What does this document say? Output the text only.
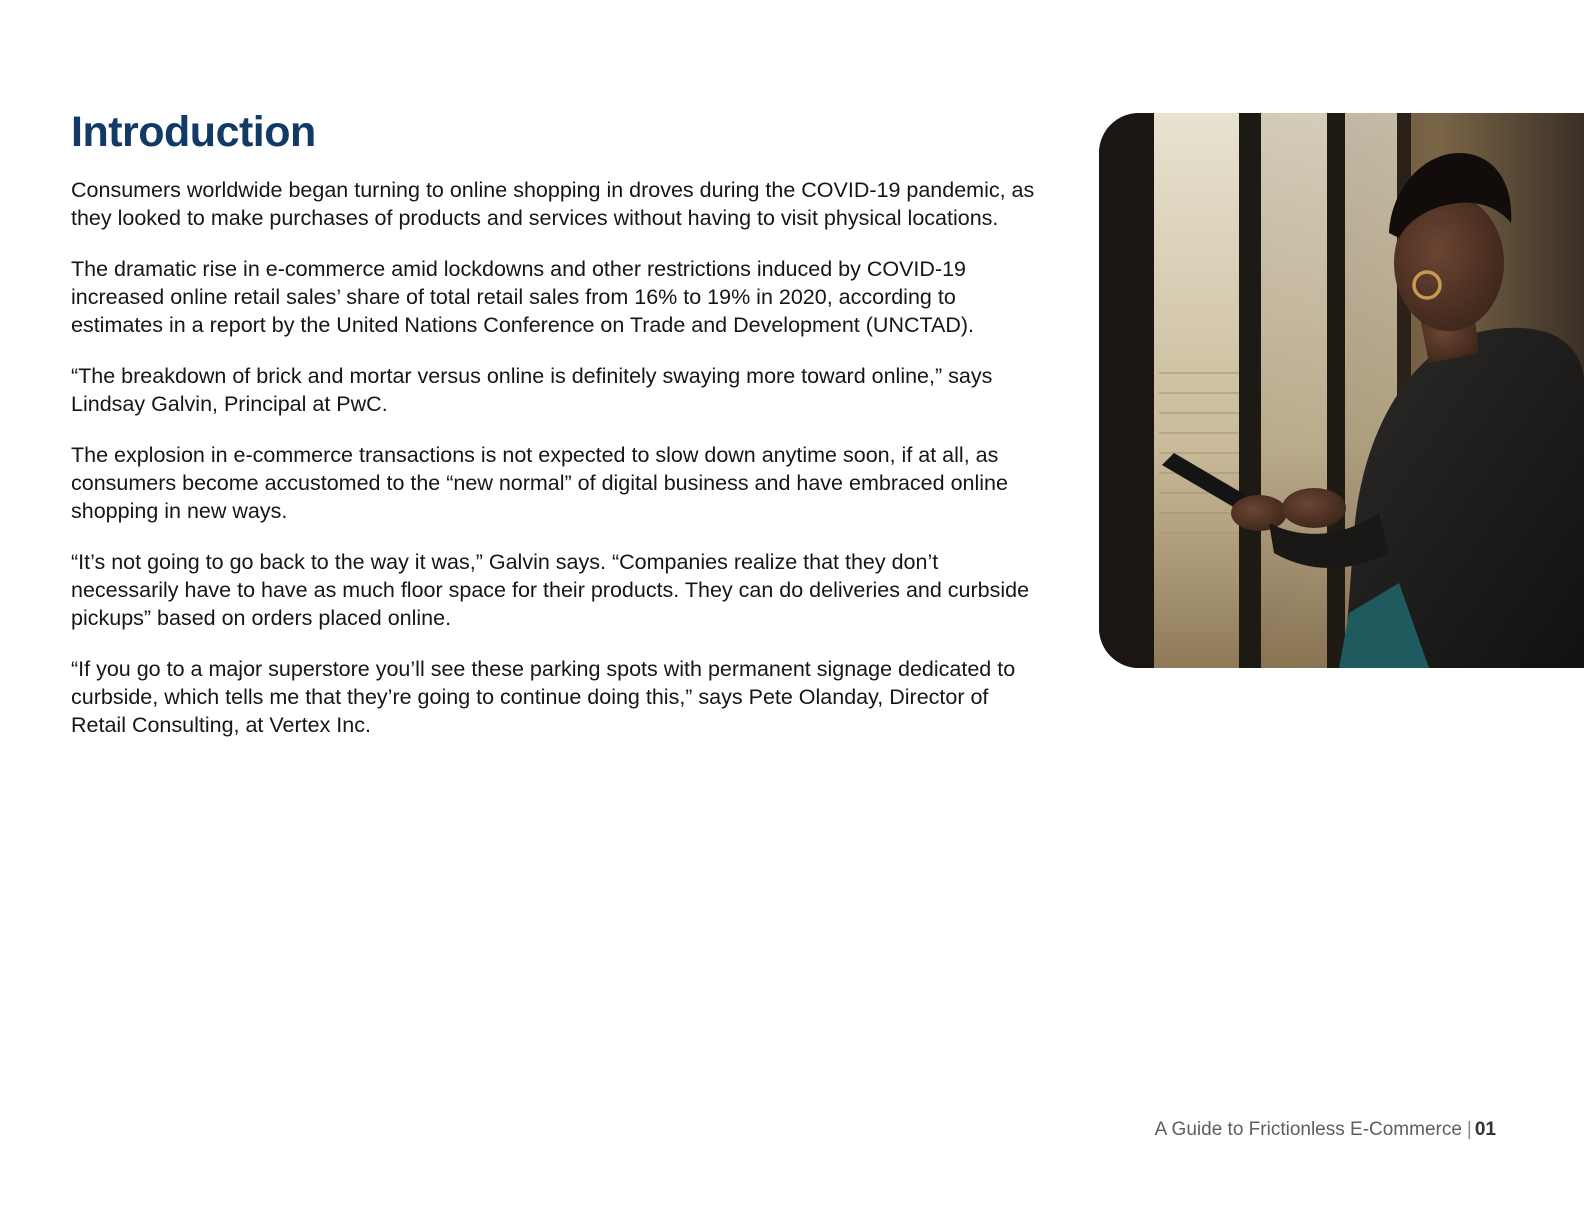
Introduction

Consumers worldwide began turning to online shopping in droves during the COVID-19 pandemic, as they looked to make purchases of products and services without having to visit physical locations.

The dramatic rise in e-commerce amid lockdowns and other restrictions induced by COVID-19 increased online retail sales’ share of total retail sales from 16% to 19% in 2020, according to estimates in a report by the United Nations Conference on Trade and Development (UNCTAD).

“The breakdown of brick and mortar versus online is definitely swaying more toward online,” says Lindsay Galvin, Principal at PwC.

The explosion in e-commerce transactions is not expected to slow down anytime soon, if at all, as consumers become accustomed to the “new normal” of digital business and have embraced online shopping in new ways.

“It’s not going to go back to the way it was,” Galvin says. “Companies realize that they don’t necessarily have to have as much floor space for their products. They can do deliveries and curbside pickups” based on orders placed online.

“If you go to a major superstore you’ll see these parking spots with permanent signage dedicated to curbside, which tells me that they’re going to continue doing this,” says Pete Olanday, Director of Retail Consulting, at Vertex Inc.

A Guide to Frictionless E-Commerce | 01
